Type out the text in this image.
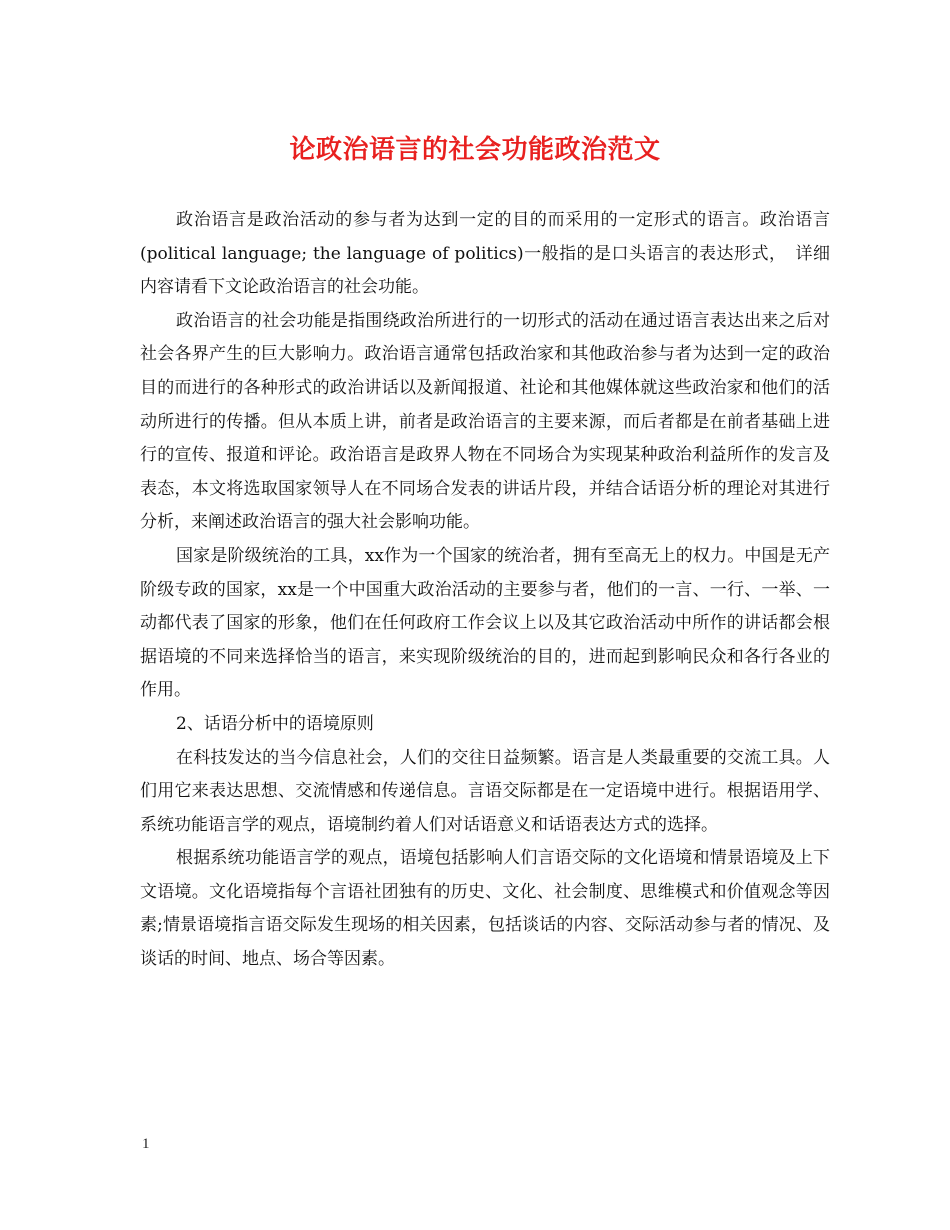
论政治语言的社会功能政治范文

政治语言是政治活动的参与者为达到一定的目的而采用的一定形式的语言。政治语言(political language; the language of politics)一般指的是口头语言的表达形式，　详细内容请看下文论政治语言的社会功能。

政治语言的社会功能是指围绕政治所进行的一切形式的活动在通过语言表达出来之后对社会各界产生的巨大影响力。政治语言通常包括政治家和其他政治参与者为达到一定的政治目的而进行的各种形式的政治讲话以及新闻报道、社论和其他媒体就这些政治家和他们的活动所进行的传播。但从本质上讲，前者是政治语言的主要来源，而后者都是在前者基础上进行的宣传、报道和评论。政治语言是政界人物在不同场合为实现某种政治利益所作的发言及表态，本文将选取国家领导人在不同场合发表的讲话片段，并结合话语分析的理论对其进行分析，来阐述政治语言的强大社会影响功能。

国家是阶级统治的工具，xx作为一个国家的统治者，拥有至高无上的权力。中国是无产阶级专政的国家，xx是一个中国重大政治活动的主要参与者，他们的一言、一行、一举、一动都代表了国家的形象，他们在任何政府工作会议上以及其它政治活动中所作的讲话都会根据语境的不同来选择恰当的语言，来实现阶级统治的目的，进而起到影响民众和各行各业的作用。

2、话语分析中的语境原则

在科技发达的当今信息社会，人们的交往日益频繁。语言是人类最重要的交流工具。人们用它来表达思想、交流情感和传递信息。言语交际都是在一定语境中进行。根据语用学、系统功能语言学的观点，语境制约着人们对话语意义和话语表达方式的选择。

根据系统功能语言学的观点，语境包括影响人们言语交际的文化语境和情景语境及上下文语境。文化语境指每个言语社团独有的历史、文化、社会制度、思维模式和价值观念等因素;情景语境指言语交际发生现场的相关因素，包括谈话的内容、交际活动参与者的情况、及谈话的时间、地点、场合等因素。

1
